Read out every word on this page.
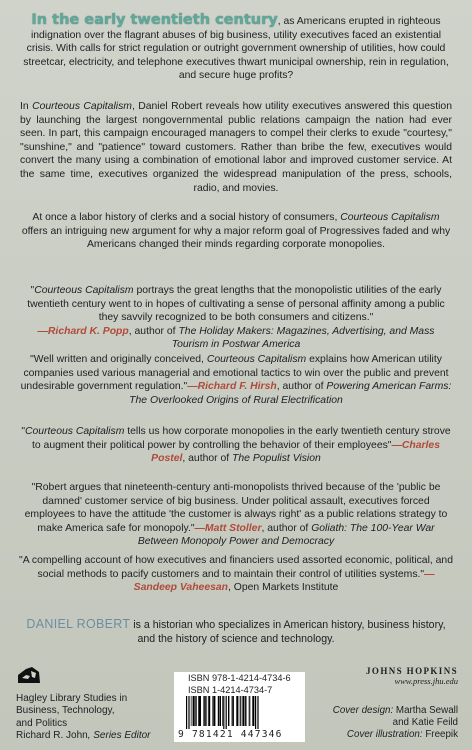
In the early twentieth century, as Americans erupted in righteous indignation over the flagrant abuses of big business, utility executives faced an existential crisis. With calls for strict regulation or outright government ownership of utilities, how could streetcar, electricity, and telephone executives thwart municipal ownership, rein in regulation, and secure huge profits?

In Courteous Capitalism, Daniel Robert reveals how utility executives answered this question by launching the largest nongovernmental public relations campaign the nation had ever seen. In part, this campaign encouraged managers to compel their clerks to exude "courtesy," "sunshine," and "patience" toward customers. Rather than bribe the few, executives would convert the many using a combination of emotional labor and improved customer service. At the same time, executives organized the widespread manipulation of the press, schools, radio, and movies.

At once a labor history of clerks and a social history of consumers, Courteous Capitalism offers an intriguing new argument for why a major reform goal of Progressives faded and why Americans changed their minds regarding corporate monopolies.

"Courteous Capitalism portrays the great lengths that the monopolistic utilities of the early twentieth century went to in hopes of cultivating a sense of personal affinity among a public they savvily recognized to be both consumers and citizens."
—Richard K. Popp, author of The Holiday Makers: Magazines, Advertising, and Mass Tourism in Postwar America

"Well written and originally conceived, Courteous Capitalism explains how American utility companies used various managerial and emotional tactics to win over the public and prevent undesirable government regulation."—Richard F. Hirsh, author of Powering American Farms: The Overlooked Origins of Rural Electrification

"Courteous Capitalism tells us how corporate monopolies in the early twentieth century strove to augment their political power by controlling the behavior of their employees"—Charles Postel, author of The Populist Vision

"Robert argues that nineteenth-century anti-monopolists thrived because of the 'public be damned' customer service of big business. Under political assault, executives forced employees to have the attitude 'the customer is always right' as a public relations strategy to make America safe for monopoly."—Matt Stoller, author of Goliath: The 100-Year War Between Monopoly Power and Democracy

"A compelling account of how executives and financiers used assorted economic, political, and social methods to pacify customers and to maintain their control of utilities systems."—Sandeep Vaheesan, Open Markets Institute

DANIEL ROBERT is a historian who specializes in American history, business history, and the history of science and technology.

Hagley Library Studies in
Business, Technology,
and Politics

Richard R. John, Series Editor

ISBN 978-1-4214-4734-6
ISBN 1-4214-4734-7
9 781421 447346
JOHNS HOPKINS
www.press.jhu.edu
Cover design: Martha Sewall
and Katie Feild
Cover illustration: Freepik
